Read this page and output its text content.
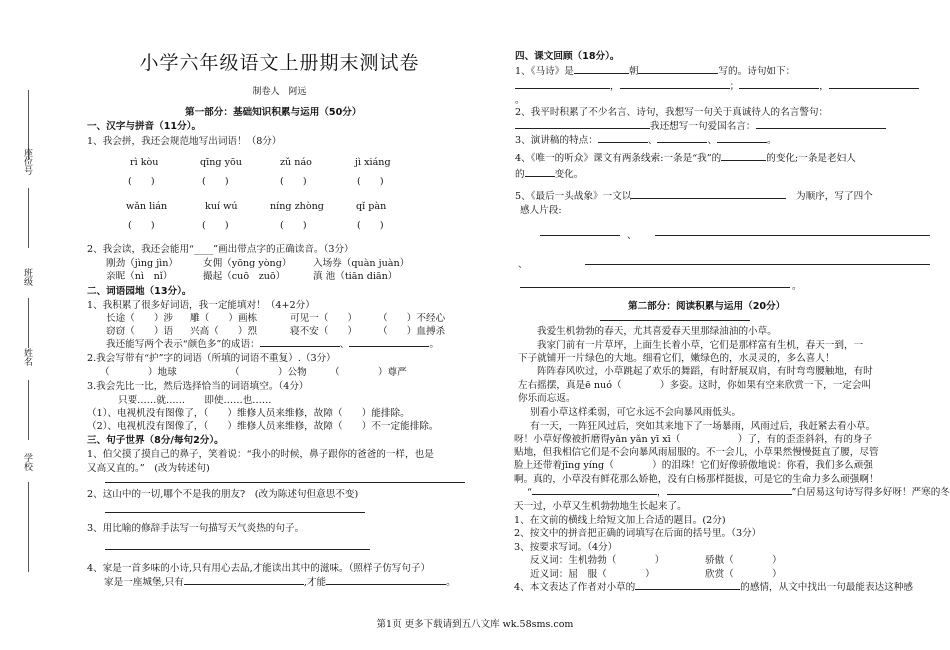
座位号
班级
姓名
学校
小学六年级语文上册期末测试卷
制卷人　阿远
第一部分：基础知识积累与运用（50分）
一、汉字与拼音（11分）。
1、我会拼，我还会规范地写出词语！（8分）
rì kòu	qīng yōu	zǔ náo	jì xiáng
(　　)	(　　)	(　　)	(　　)
wǎn lián	kuí wú	níng zhòng	qǐ pàn
(　　)	(　　)	(　　)	(　　)
2、我会读，我还会能用“____”画出带点字的正确读音。（3分）
刚劲（jìng jìn）	女佣（yōng yòng） 入场券（quàn juàn）
亲昵（nì　nǐ）	撮起（cuō　zuō）	滇 池（tiān diān）
二、词语园地（13分）。
1、我积累了很多好词语，我一定能填对！（4+2分）
长途（　　）涉 雕（　　）画栋	可见一（　　） （　　）不经心
窃窃（　　）语 兴高（　　）烈	寝不安（　　） （　　）血搏杀
我还能写两个表示“颜色多”的成语：	、	。
2.我会写带有“护”字的词语（所填的词语不重复）.（3分）
（　　　　）地球	（　　　　）公物 （　　　　）尊严
3.我会先比一比，然后选择恰当的词语填空。（4分）
只要……就……　　即使……也……
（1）、电视机没有图像了，（　　）维修人员来维修，故障（　　）能排除。
（2）、电视机没有图像了，（　　）维修人员来维修，故障（　　）不一定能排除。
三、句子世界（8分/每句2分）。
1、伯父摸了摸自己的鼻子，笑着说：“我小的时候，鼻子跟你的爸爸的一样，也是
又高又直的。”　(改为转述句)
2、这山中的一切,哪个不是我的朋友?　(改为陈述句但意思不变)
3、用比喻的修辞手法写一句描写天气炎热的句子。
4、家是一首多味的小诗,只有用心去品,才能读出其中的滋味。（照样子仿写句子）
家是一座城堡,只有	,才能	。
四、课文回顾（18分）。
1、《马诗》是	朝	写的。诗句如下：
，	；	，
。
2、我平时积累了不少名言、诗句，我想写一句关于真诚待人的名言警句：
我还想写一句爱国名言：
3、演讲稿的特点：	、	、	。
4、《唯一的听众》课文有两条线索:一条是“我”的	的变化;一条是老妇人
的	变化。
5、《最后一头战象》一文以　	为顺序，写了四个
感人片段:
、
、
。
第二部分：阅读积累与运用（20分）
我爱生机勃勃的春天，尤其喜爱春天里那绿油油的小草。
我家门前有一片草坪，上面生长着小草，它们是那样富有生机，春天一到，一
下子就铺开一片绿色的大地。细看它们，嫩绿色的，水灵灵的，多么喜人！
阵阵春风吹过，小草跳起了欢乐的舞蹈，有时舒展双肩，有时弯弯腰触地，有时
左右摇摆，真是ē nuó（　　　　）多姿。这时，你如果有空来欣赏一下，一定会叫
你乐而忘返。
别看小草这样柔弱，可它永远不会向暴风雨低头。
有一天，一阵狂风过后，突如其来地下了一场暴雨，风雨过后，我赶紧去看小草。
呀！小草好像被折磨得yǎn yǎn yī xī（　　　　　　）了，有的歪歪斜斜，有的身子
贴地，但我相信它们是不会向暴风雨屈服的。不一会儿，小草果然慢慢挺直了腰，尽管
脸上还带着jīng yíng（　　　　）的泪珠！它们好像骄傲地说：你看，我们多么顽强
啊。真的，小草没有鲜花那么娇艳，没有白杨那样挺拔，可是它的生命力多么顽强啊！
“	，	”白居易这句诗写得多好呀！严寒的冬
天一过，小草又生机勃勃地生长起来了。
1、在文前的横线上给短文加上合适的题目。(2分)
2、按文中的拼音把正确的词填写在后面的括号里。（3分）
3、按要求写词。（4分）
反义词：生机勃勃（　　　　）	骄傲（　　　　）
近义词：屈　服（　　　　）	欣赏（　　　　）
4、本文表达了作者对小草的	的感情，从文中找出一句最能表达这种感
第1页 更多下载请到五八文库 wk.58sms.com
